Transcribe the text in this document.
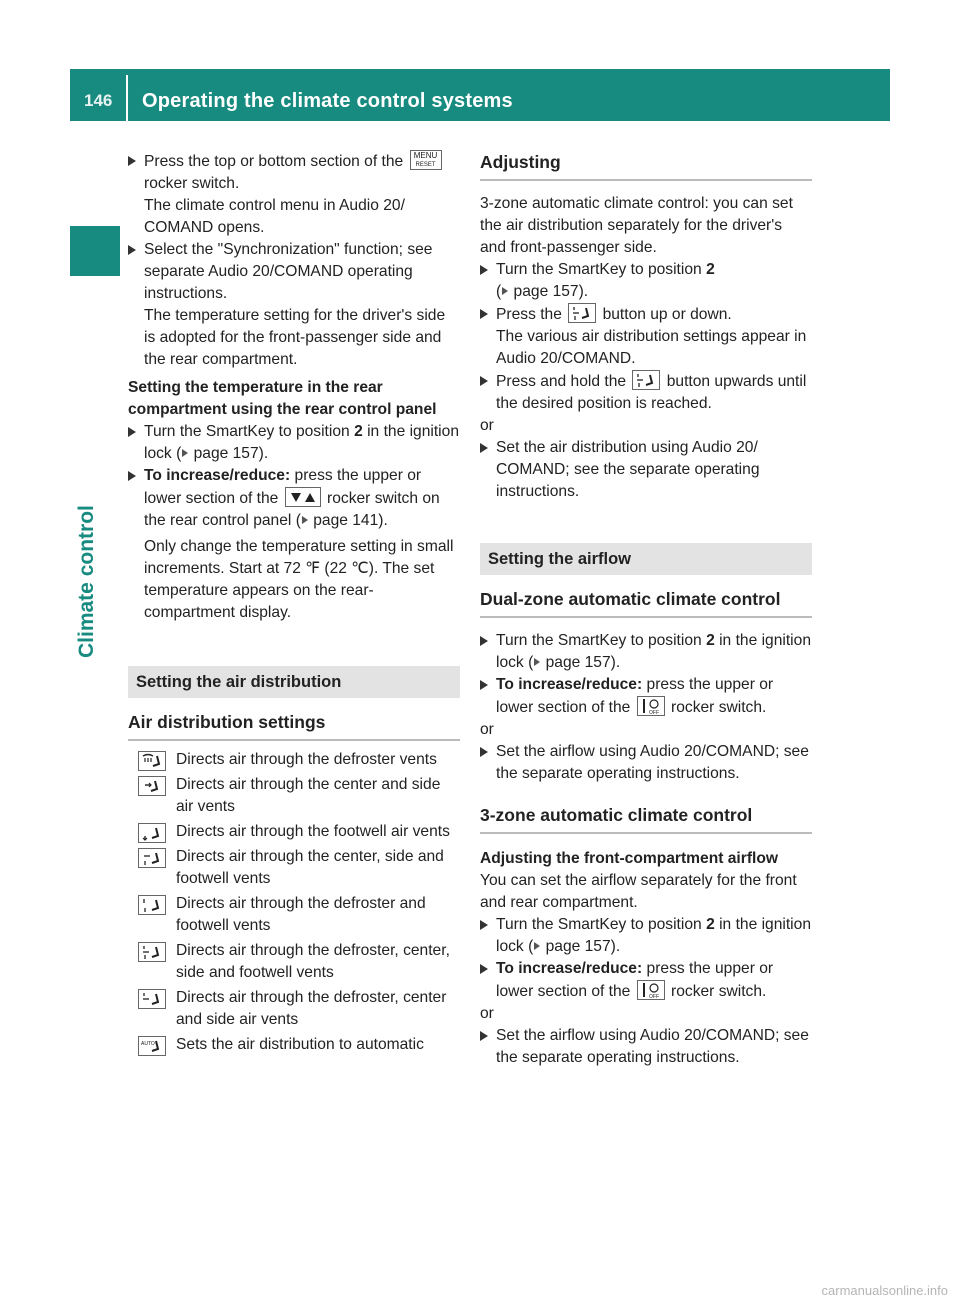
146 Operating the climate control systems
Climate control
Press the top or bottom section of the	MENU
RESET

rocker switch.
The climate control menu in Audio 20/ COMAND opens.
Select the "Synchronization" function; see separate Audio 20/COMAND operating instructions.
The temperature setting for the driver's side is adopted for the front-passenger side and the rear compartment.
Setting the temperature in the rear compartment using the rear control panel
Turn the SmartKey to position 2 in the ignition lock ( page 157).
To increase/reduce: press the upper or lower section of the	rocker switch on the rear control panel ( page 141).
Only change the temperature setting in small increments. Start at 72 ℉ (22 ℃). The set temperature appears on the rear-compartment display.
Setting the air distribution
Air distribution settings
Directs air through the defroster vents
Directs air through the center and side air vents
Directs air through the footwell air vents
Directs air through the center, side and footwell vents
Directs air through the defroster and footwell vents
Directs air through the defroster, center, side and footwell vents
Directs air through the defroster, center and side air vents
AUTO Sets the air distribution to automatic
Adjusting
3-zone automatic climate control: you can set the air distribution separately for the driver's and front-passenger side.
Turn the SmartKey to position 2
( page 157).
Press the	button up or down.
The various air distribution settings appear in Audio 20/COMAND.
Press and hold the	button upwards until the desired position is reached.
or
Set the air distribution using Audio 20/ COMAND; see the separate operating instructions.
Setting the airflow
Dual-zone automatic climate control
Turn the SmartKey to position 2 in the ignition lock ( page 157).
To increase/reduce: press the upper or lower section of the	OFF rocker switch.
or
Set the airflow using Audio 20/COMAND; see the separate operating instructions.
3-zone automatic climate control
Adjusting the front-compartment airflow
You can set the airflow separately for the front and rear compartment.
Turn the SmartKey to position 2 in the ignition lock ( page 157).
To increase/reduce: press the upper or lower section of the	OFF rocker switch.
or
Set the airflow using Audio 20/COMAND; see the separate operating instructions.
carmanualsonline.info
